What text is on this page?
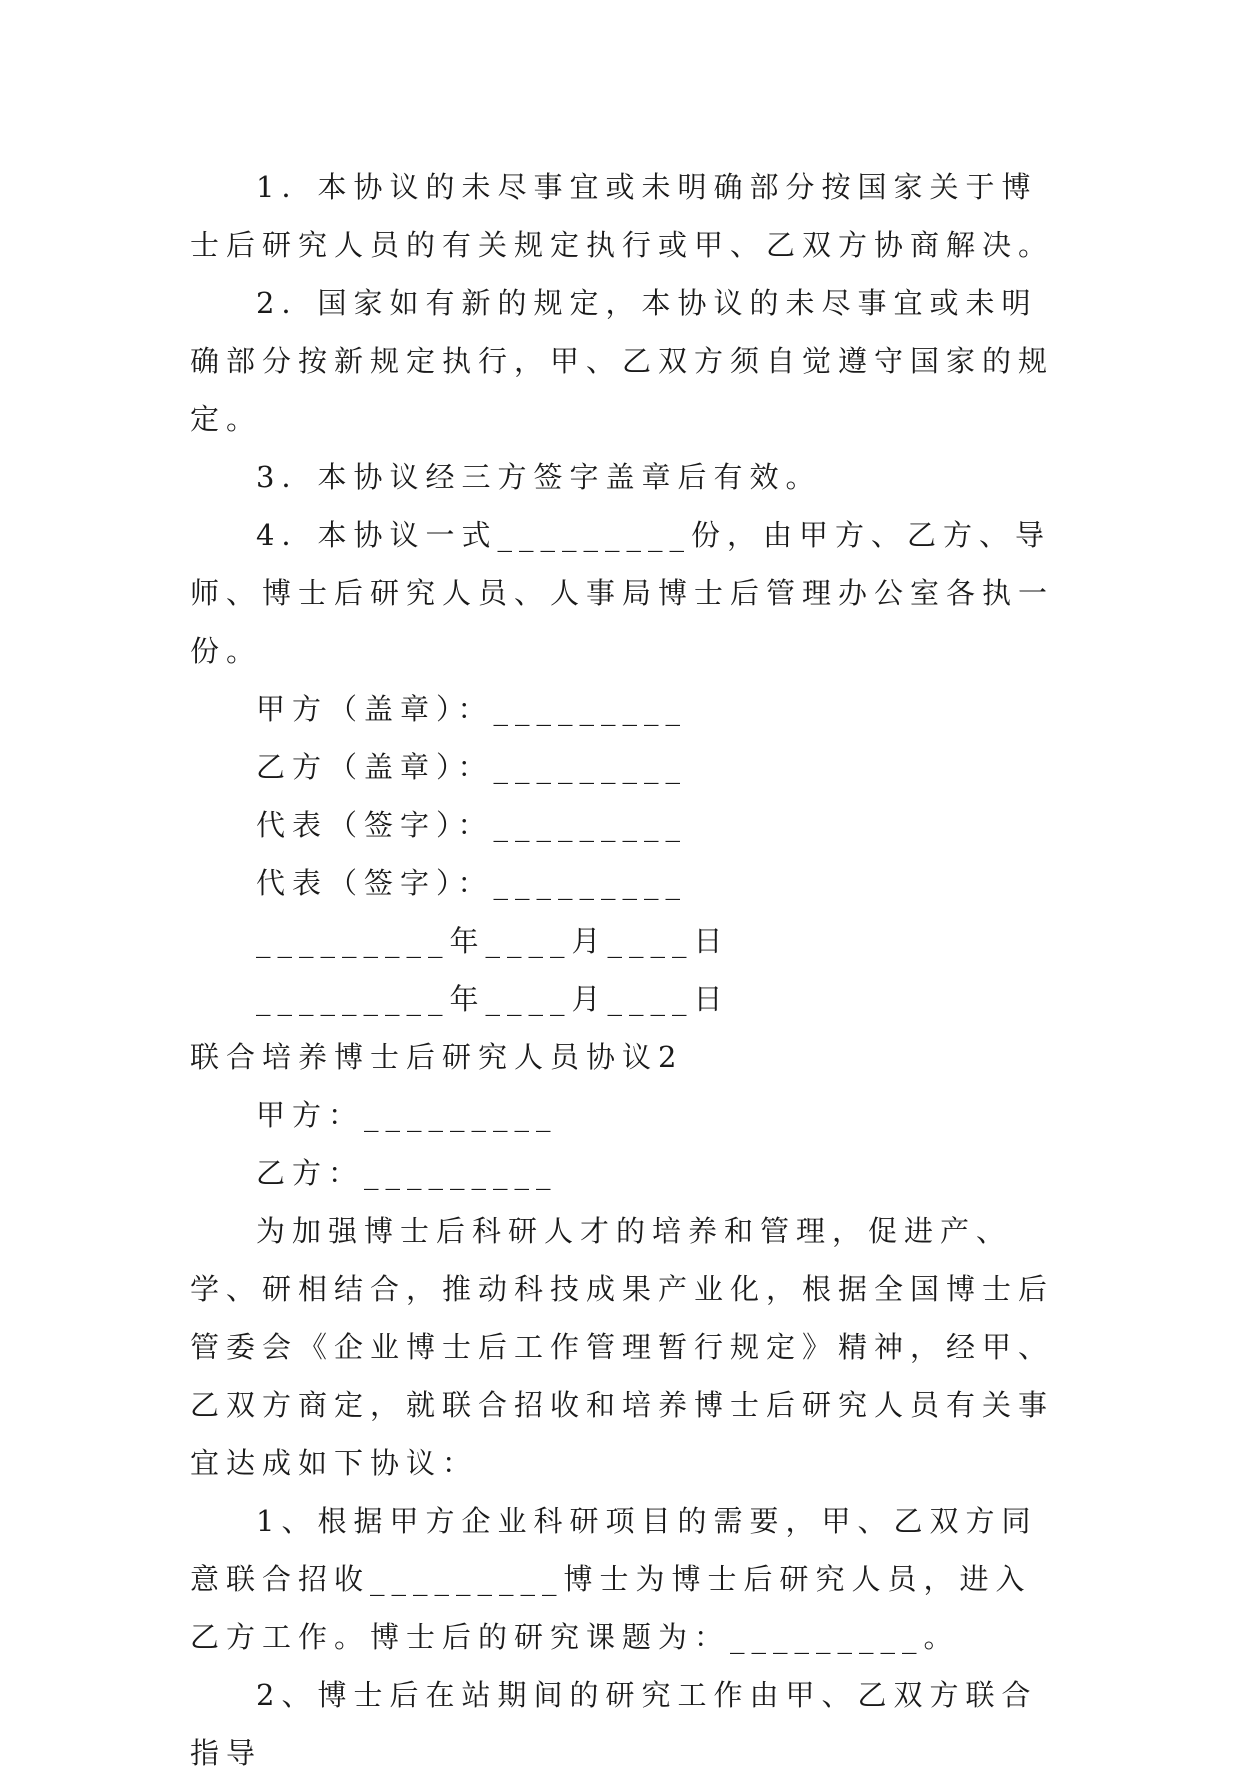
1．本协议的未尽事宜或未明确部分按国家关于博士后研究人员的有关规定执行或甲、乙双方协商解决。

2．国家如有新的规定，本协议的未尽事宜或未明确部分按新规定执行，甲、乙双方须自觉遵守国家的规定。

3．本协议经三方签字盖章后有效。

4．本协议一式_________份，由甲方、乙方、导师、博士后研究人员、人事局博士后管理办公室各执一份。

甲方（盖章）：_________

乙方（盖章）：_________

代表（签字）：_________

代表（签字）：_________

_________年____月____日

_________年____月____日

联合培养博士后研究人员协议2

甲方：_________

乙方：_________

为加强博士后科研人才的培养和管理，促进产、学、研相结合，推动科技成果产业化，根据全国博士后管委会《企业博士后工作管理暂行规定》精神，经甲、乙双方商定，就联合招收和培养博士后研究人员有关事宜达成如下协议：

1、根据甲方企业科研项目的需要，甲、乙双方同意联合招收_________博士为博士后研究人员，进入乙方工作。博士后的研究课题为：_________。

2、博士后在站期间的研究工作由甲、乙双方联合指导
